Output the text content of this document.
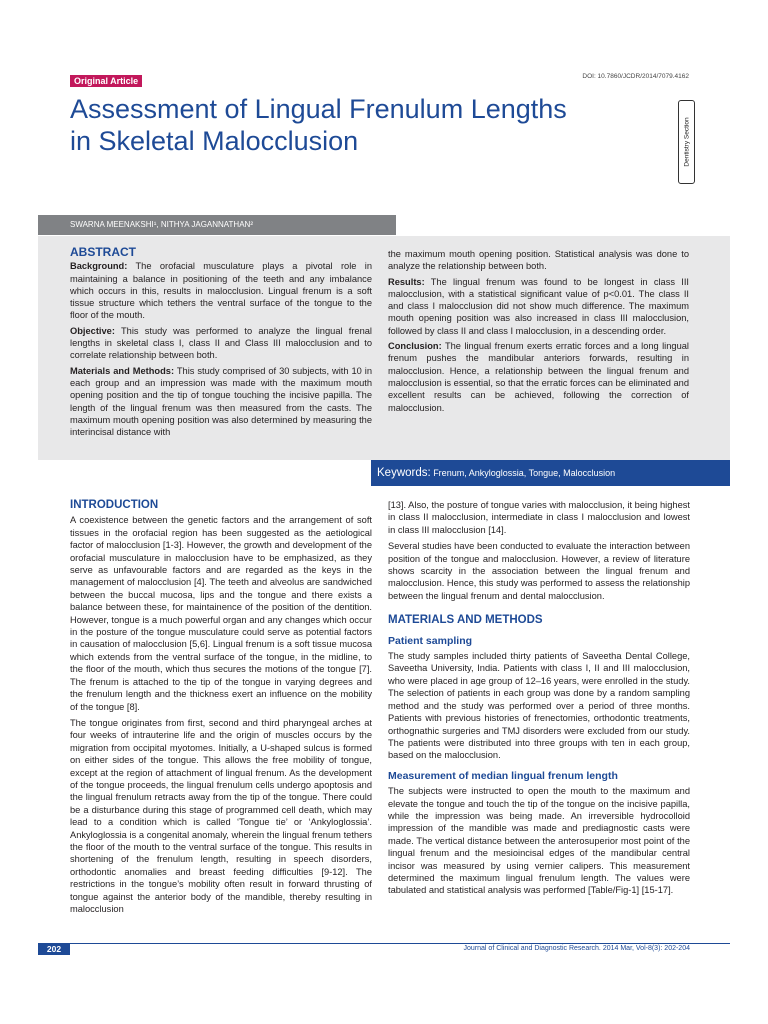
Original Article	DOI: 10.7860/JCDR/2014/7079.4162
Assessment of Lingual Frenulum Lengths
in Skeletal Malocclusion	Dentistry Section
SWARNA MEENAKSHI¹, NITHYA JAGANNATHAN²
ABSTRACT

Background: The orofacial musculature plays a pivotal role in maintaining a balance in positioning of the teeth and any imbalance which occurs in this, results in malocclusion. Lingual frenum is a soft tissue structure which tethers the ventral surface of the tongue to the floor of the mouth.

Objective: This study was performed to analyze the lingual frenal lengths in skeletal class I, class II and Class III malocclusion and to correlate relationship between both.

Materials and Methods: This study comprised of 30 subjects, with 10 in each group and an impression was made with the maximum mouth opening position and the tip of tongue touching the incisive papilla. The length of the lingual frenum was then measured from the casts. The maximum mouth opening position was also determined by measuring the interincisal distance with

the maximum mouth opening position. Statistical analysis was done to analyze the relationship between both.

Results: The lingual frenum was found to be longest in class III malocclusion, with a statistical significant value of p<0.01. The class II and class I malocclusion did not show much difference. The maximum mouth opening position was also increased in class III malocclusion, followed by class II and class I malocclusion, in a descending order.

Conclusion: The lingual frenum exerts erratic forces and a long lingual frenum pushes the mandibular anteriors forwards, resulting in malocclusion. Hence, a relationship between the lingual frenum and malocclusion is essential, so that the erratic forces can be eliminated and excellent results can be achieved, following the correction of malocclusion.

Keywords: Frenum, Ankyloglossia, Tongue, Malocclusion
INTRODUCTION

A coexistence between the genetic factors and the arrangement of soft tissues in the orofacial region has been suggested as the aetiological factor of malocclusion [1-3]. However, the growth and development of the orofacial musculature in malocclusion have to be emphasized, as they serve as unfavourable factors and are regarded as the keys in the management of malocclusion [4]. The teeth and alveolus are sandwiched between the buccal mucosa, lips and the tongue and there exists a balance between these, for maintainence of the position of the dentition. However, tongue is a much powerful organ and any changes which occur in the posture of the tongue musculature could serve as potential factors in causation of malocclusion [5,6]. Lingual frenum is a soft tissue mucosa which extends from the ventral surface of the tongue, in the midline, to the floor of the mouth, which thus secures the motions of the tongue [7]. The frenum is attached to the tip of the tongue in varying degrees and the frenulum length and the thickness exert an influence on the mobility of the tongue [8].

The tongue originates from first, second and third pharyngeal arches at four weeks of intrauterine life and the origin of muscles occurs by the migration from occipital myotomes. Initially, a U-shaped sulcus is formed on either sides of the tongue. This allows the free mobility of tongue, except at the region of attachment of lingual frenum. As the development of the tongue proceeds, the lingual frenulum cells undergo apoptosis and the lingual frenulum retracts away from the tip of the tongue. There could be a disturbance during this stage of programmed cell death, which may lead to a condition which is called ‘Tongue tie’ or ‘Ankyloglossia’. Ankyloglossia is a congenital anomaly, wherein the lingual frenum tethers the floor of the mouth to the ventral surface of the tongue. This results in shortening of the frenulum length, resulting in speech disorders, orthodontic anomalies and breast feeding difficulties [9-12]. The restrictions in the tongue’s mobility often result in forward thrusting of tongue against the anterior body of the mandible, thereby resulting in malocclusion

[13]. Also, the posture of tongue varies with malocclusion, it being highest in class II malocclusion, intermediate in class I malocclusion and lowest in class III malocclusion [14].

Several studies have been conducted to evaluate the interaction between position of the tongue and malocclusion. However, a review of literature shows scarcity in the association between the lingual frenum and malocclusion. Hence, this study was performed to assess the relationship between the lingual frenum and dental malocclusion.

MATERIALS AND METHODS
Patient sampling

The study samples included thirty patients of Saveetha Dental College, Saveetha University, India. Patients with class I, II and III malocclusion, who were placed in age group of 12–16 years, were enrolled in the study. The selection of patients in each group was done by a random sampling method and the study was performed over a period of three months. Patients with previous histories of frenectomies, orthodontic treatments, orthognathic surgeries and TMJ disorders were excluded from our study. The patients were distributed into three groups with ten in each group, based on the malocclusion.

Measurement of median lingual frenum length

The subjects were instructed to open the mouth to the maximum and elevate the tongue and touch the tip of the tongue on the incisive papilla, while the impression was being made. An irreversible hydrocolloid impression of the mandible was made and prediagnostic casts were made. The vertical distance between the anterosuperior most point of the lingual frenum and the mesioincisal edges of the mandibular central incisor was measured by using vernier calipers. This measurement determined the maximum lingual frenulum length. The values were tabulated and statistical analysis was performed [Table/Fig-1] [15-17].

202	Journal of Clinical and Diagnostic Research. 2014 Mar, Vol-8(3): 202-204
